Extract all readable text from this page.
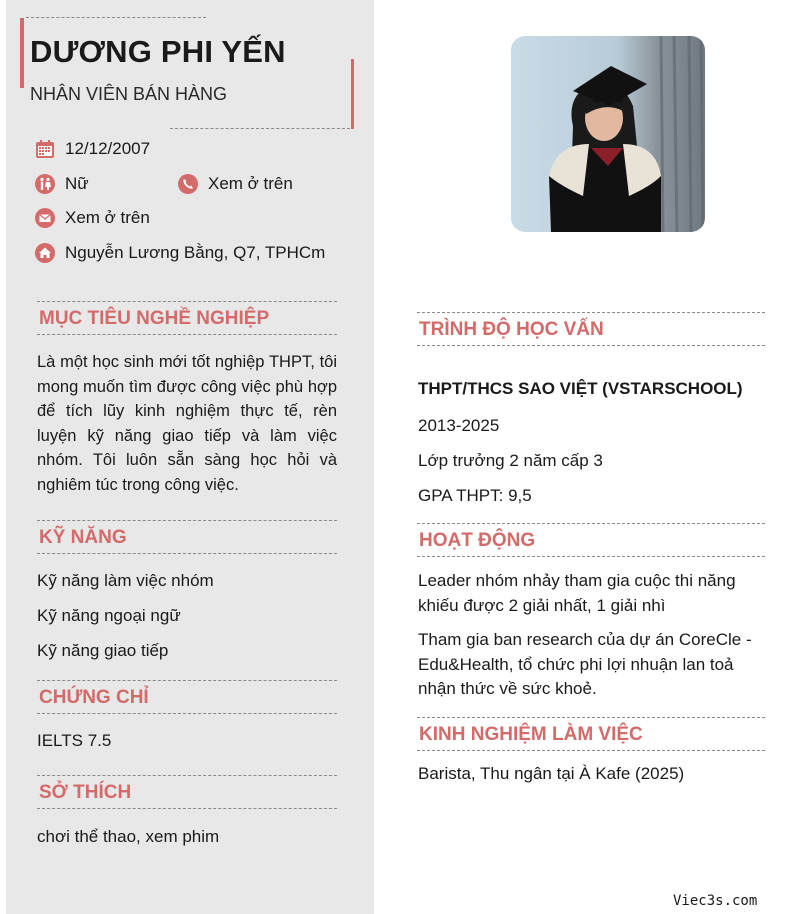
DƯƠNG PHI YẾN
NHÂN VIÊN BÁN HÀNG
12/12/2007
Nữ	Xem ở trên
Xem ở trên
Nguyễn Lương Bằng, Q7, TPHCm
MỤC TIÊU NGHỀ NGHIỆP
Là một học sinh mới tốt nghiệp THPT, tôi mong muốn tìm được công việc phù hợp để tích lũy kinh nghiệm thực tế, rèn luyện kỹ năng giao tiếp và làm việc nhóm. Tôi luôn sẵn sàng học hỏi và nghiêm túc trong công việc.
KỸ NĂNG
Kỹ năng làm việc nhóm
Kỹ năng ngoại ngữ
Kỹ năng giao tiếp
CHỨNG CHỈ
IELTS 7.5
SỞ THÍCH
chơi thể thao, xem phim
TRÌNH ĐỘ HỌC VẤN
THPT/THCS SAO VIỆT (VSTARSCHOOL)
2013-2025
Lớp trưởng 2 năm cấp 3
GPA THPT: 9,5
HOẠT ĐỘNG
Leader nhóm nhảy tham gia cuộc thi năng khiếu được 2 giải nhất, 1 giải nhì
Tham gia ban research của dự án CoreCle - Edu&Health, tổ chức phi lợi nhuận lan toả nhận thức về sức khoẻ.
KINH NGHIỆM LÀM VIỆC
Barista, Thu ngân tại À Kafe (2025)
Viec3s.com
